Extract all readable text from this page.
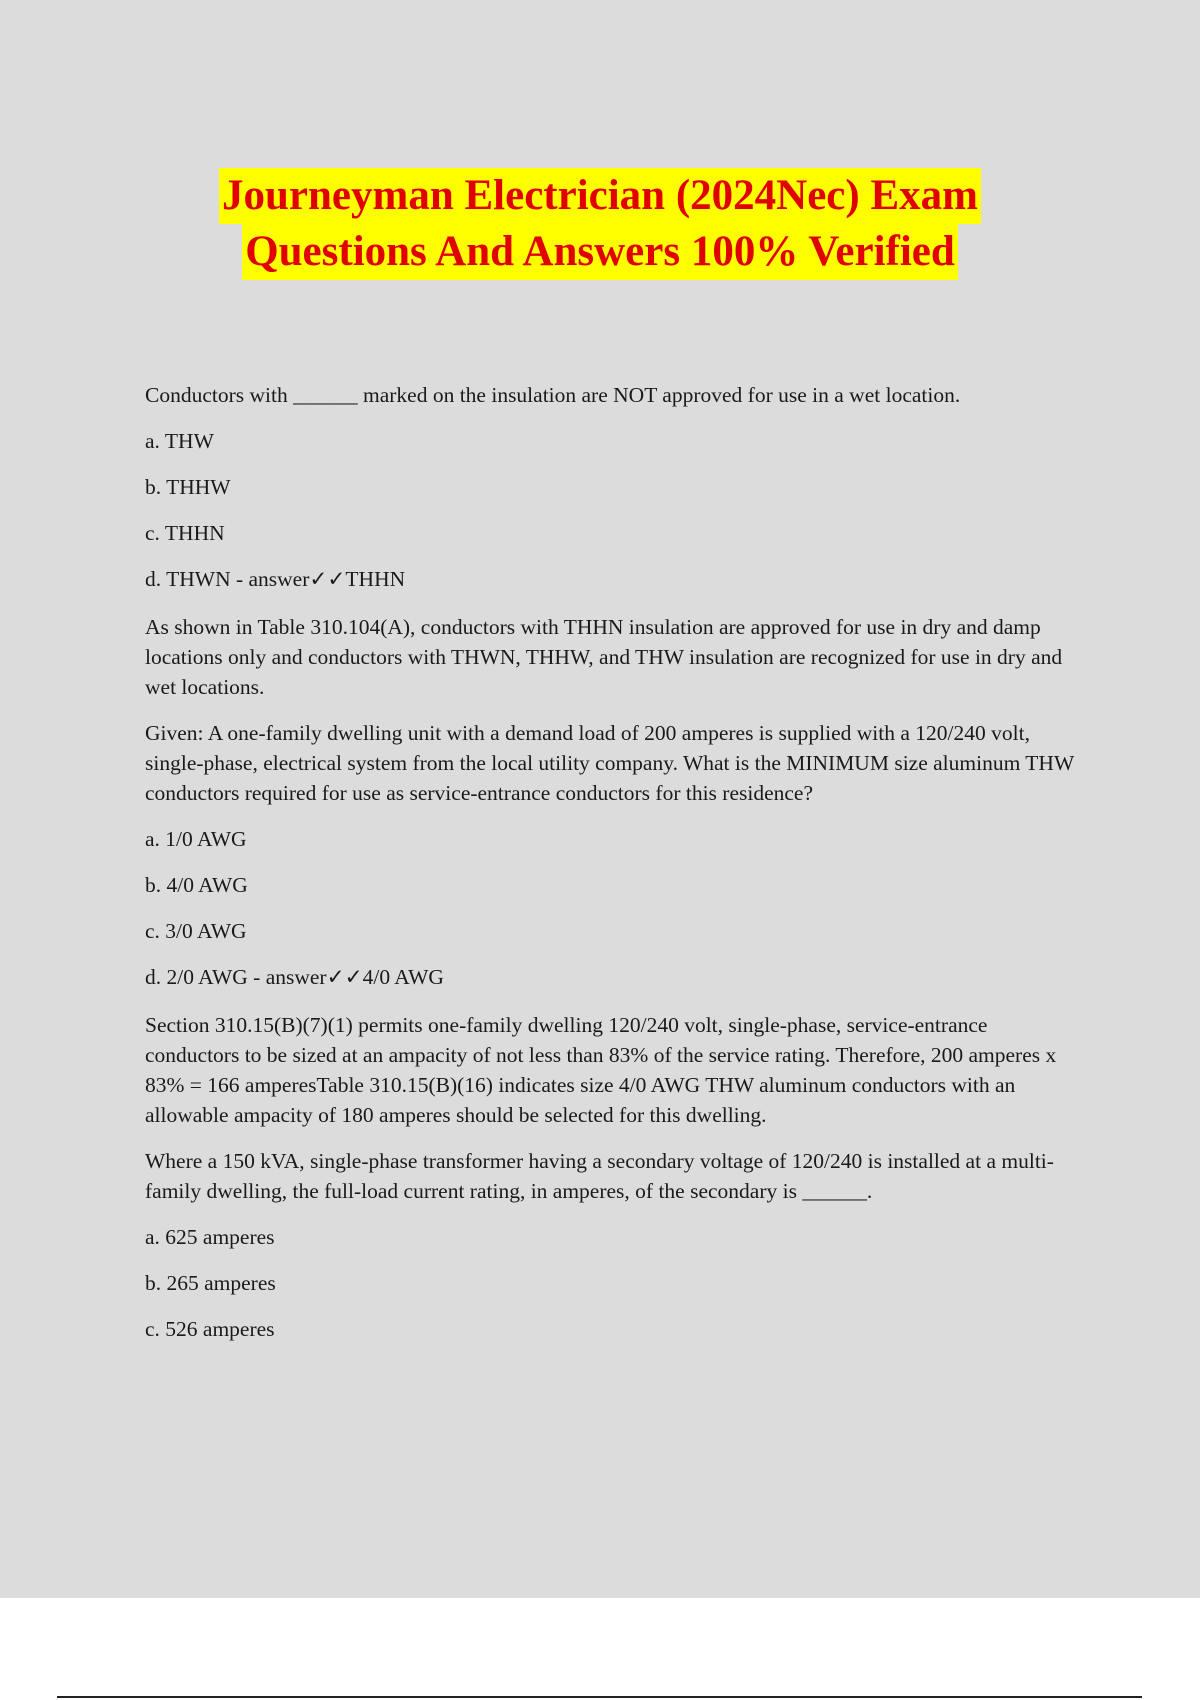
Journeyman Electrician (2024Nec) Exam
Questions And Answers 100% Verified

Conductors with ______ marked on the insulation are NOT approved for use in a wet location.

a. THW

b. THHW

c. THHN

d. THWN - answer✓✓THHN

As shown in Table 310.104(A), conductors with THHN insulation are approved for use in dry and damp locations only and conductors with THWN, THHW, and THW insulation are recognized for use in dry and wet locations.

Given: A one-family dwelling unit with a demand load of 200 amperes is supplied with a 120/240 volt, single-phase, electrical system from the local utility company. What is the MINIMUM size aluminum THW conductors required for use as service-entrance conductors for this residence?

a. 1/0 AWG

b. 4/0 AWG

c. 3/0 AWG

d. 2/0 AWG - answer✓✓4/0 AWG

Section 310.15(B)(7)(1) permits one-family dwelling 120/240 volt, single-phase, service-entrance conductors to be sized at an ampacity of not less than 83% of the service rating. Therefore, 200 amperes x 83% = 166 amperesTable 310.15(B)(16) indicates size 4/0 AWG THW aluminum conductors with an allowable ampacity of 180 amperes should be selected for this dwelling.

Where a 150 kVA, single-phase transformer having a secondary voltage of 120/240 is installed at a multi-family dwelling, the full-load current rating, in amperes, of the secondary is ______.

a. 625 amperes

b. 265 amperes

c. 526 amperes
